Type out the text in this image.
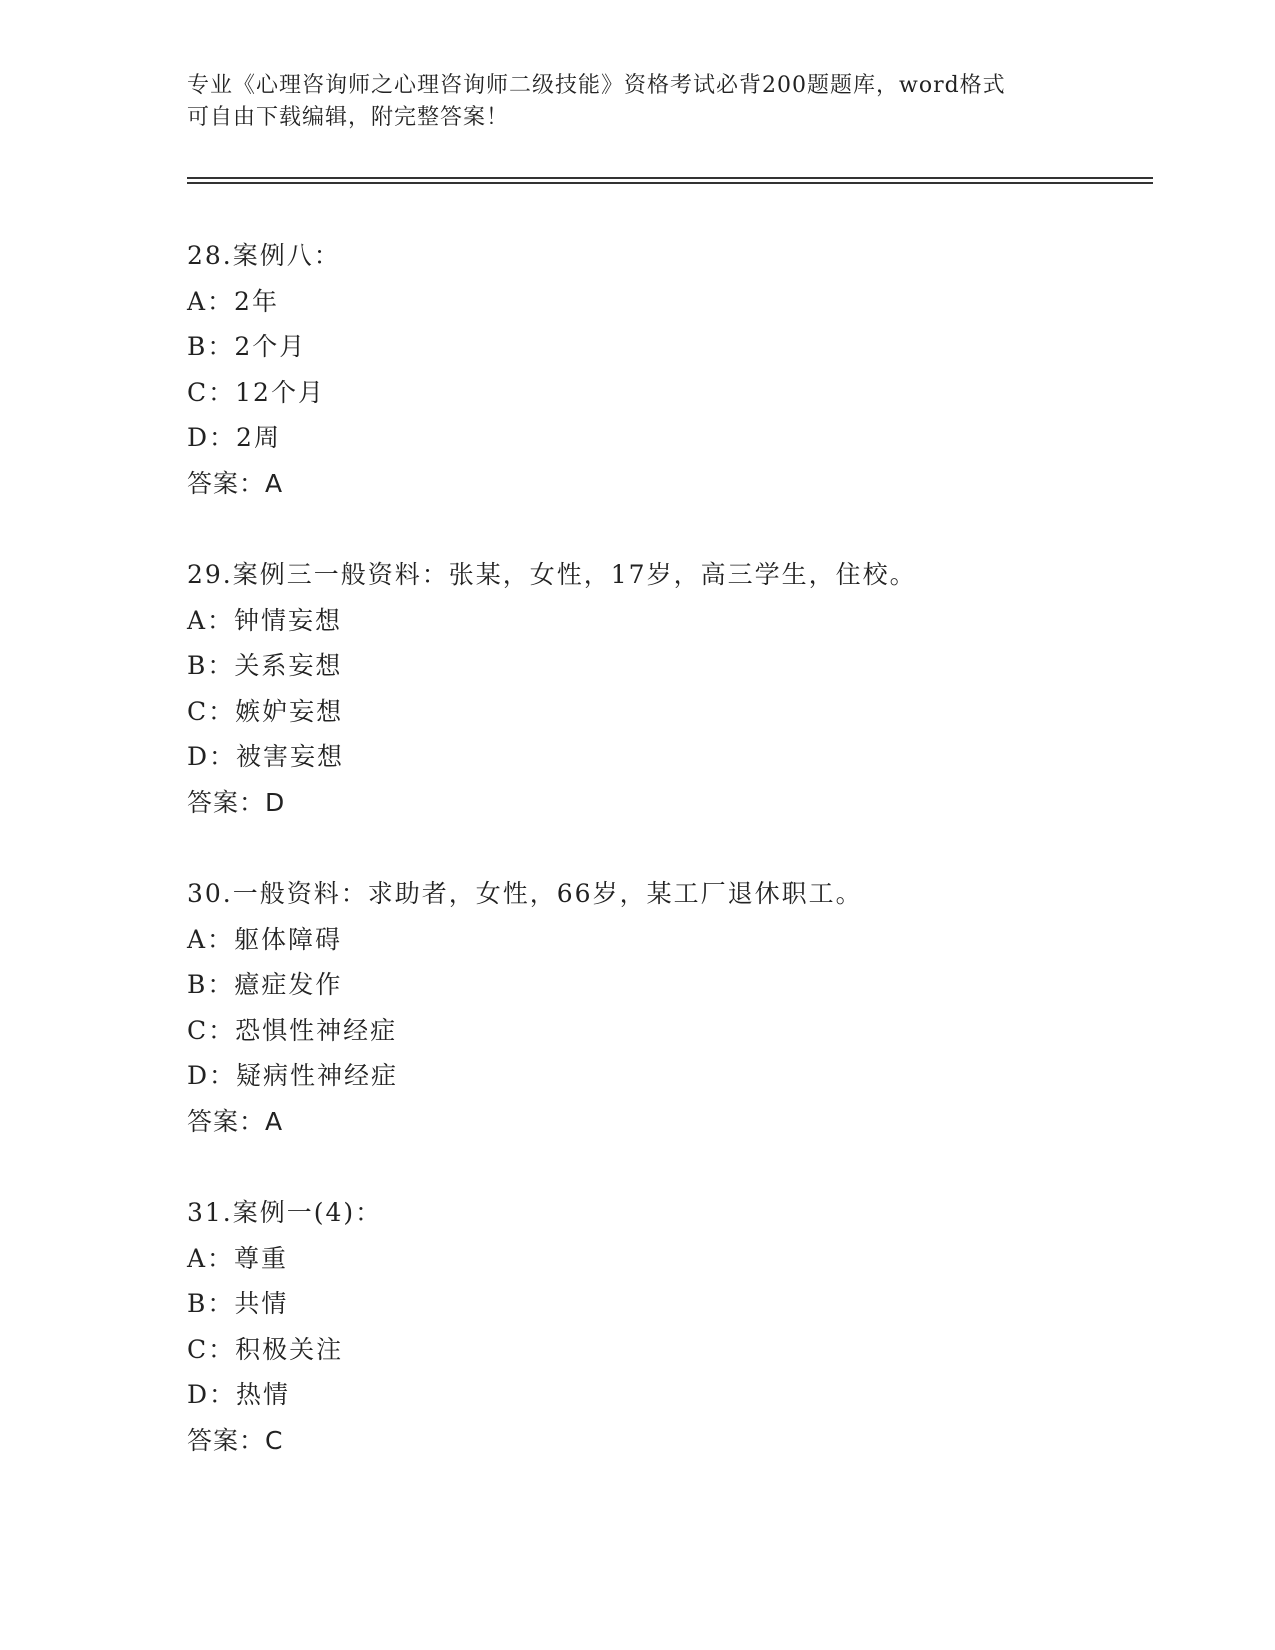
专业《心理咨询师之心理咨询师二级技能》资格考试必背200题题库，word格式
可自由下载编辑，附完整答案！
28.案例八：
A：2年
B：2个月
C：12个月
D：2周
答案：A
29.案例三一般资料：张某，女性，17岁，高三学生，住校。
A：钟情妄想
B：关系妄想
C：嫉妒妄想
D：被害妄想
答案：D
30.一般资料：求助者，女性，66岁，某工厂退休职工。
A：躯体障碍
B：癔症发作
C：恐惧性神经症
D：疑病性神经症
答案：A
31.案例一(4)：
A：尊重
B：共情
C：积极关注
D：热情
答案：C
